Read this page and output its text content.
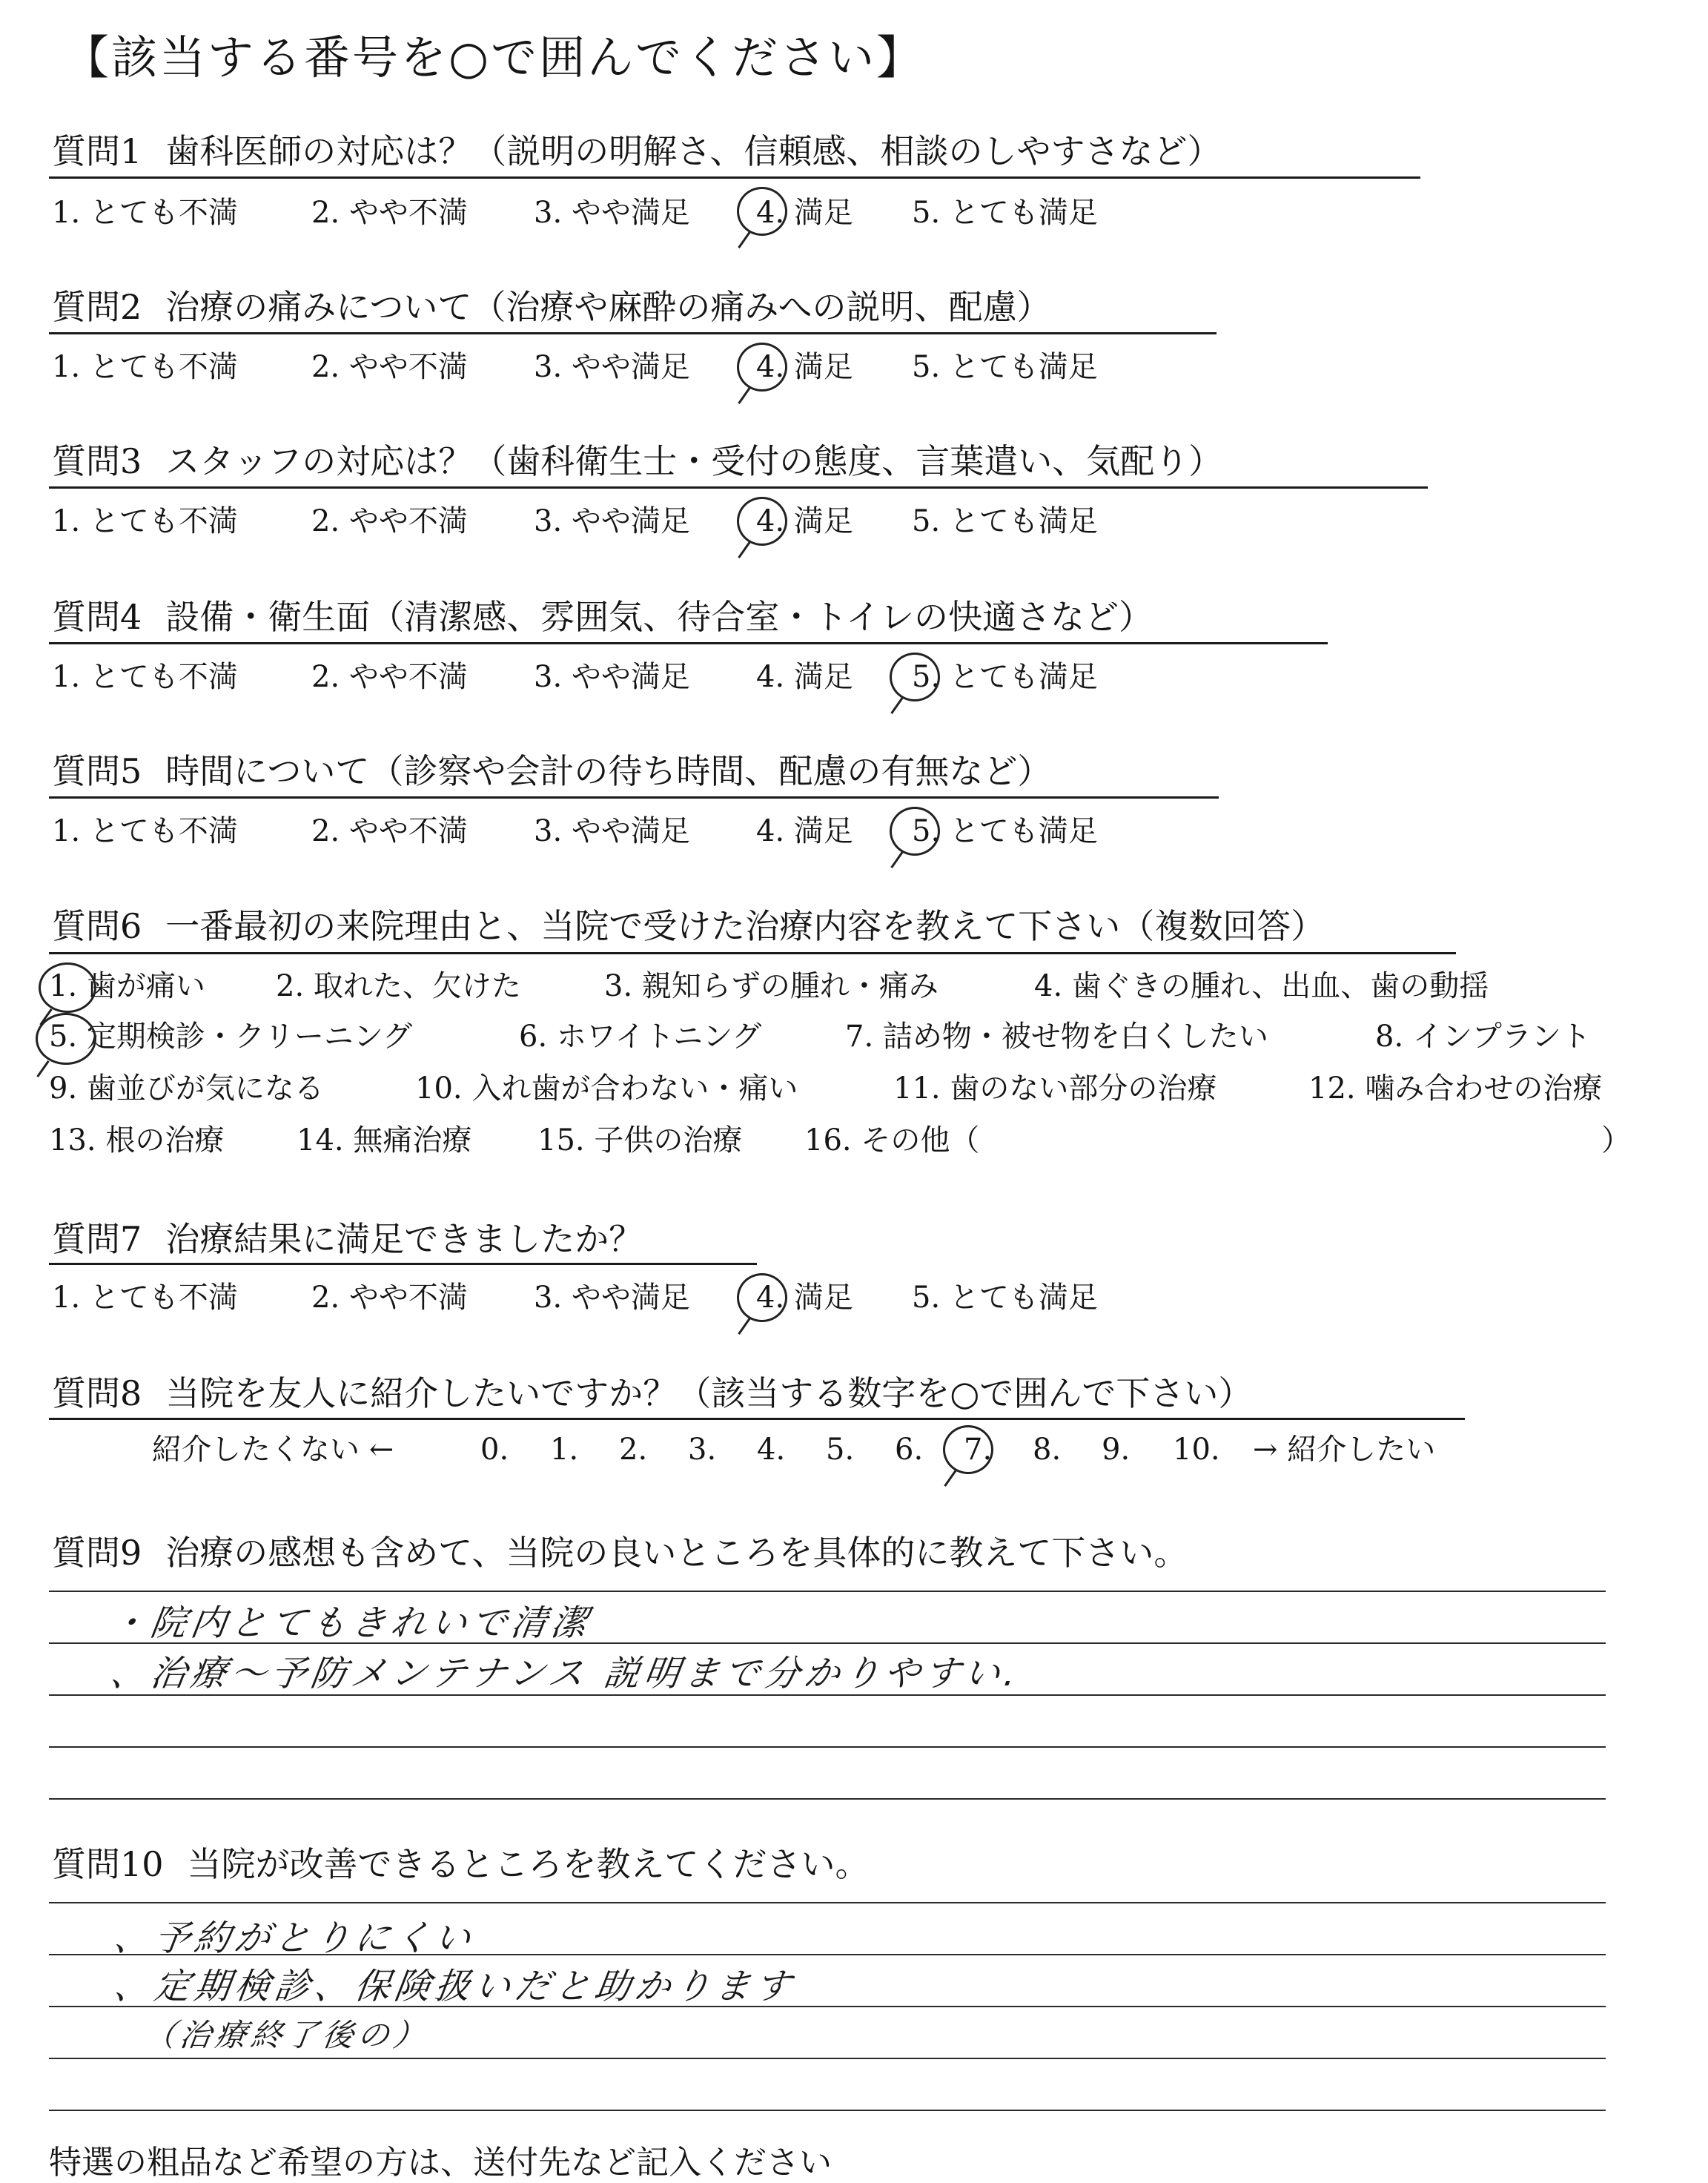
【該当する番号を○で囲んでください】
質問1 歯科医師の対応は？（説明の明解さ、信頼感、相談のしやすさなど）
1. とても不満 2. やや不満 3. やや満足 4. 満足 5. とても満足
質問2 治療の痛みについて（治療や麻酔の痛みへの説明、配慮）
1. とても不満 2. やや不満 3. やや満足 4. 満足 5. とても満足
質問3 スタッフの対応は？（歯科衛生士・受付の態度、言葉遣い、気配り）
1. とても不満 2. やや不満 3. やや満足 4. 満足 5. とても満足
質問4 設備・衛生面（清潔感、雰囲気、待合室・トイレの快適さなど）
1. とても不満 2. やや不満 3. やや満足 4. 満足 5. とても満足
質問5 時間について（診察や会計の待ち時間、配慮の有無など）
1. とても不満 2. やや不満 3. やや満足 4. 満足 5. とても満足
質問6 一番最初の来院理由と、当院で受けた治療内容を教えて下さい（複数回答）
1. 歯が痛い 2. 取れた、欠けた	3. 親知らずの腫れ・痛み	4. 歯ぐきの腫れ、出血、歯の動揺
5. 定期検診・クリーニング	6. ホワイトニング	7. 詰め物・被せ物を白くしたい	8. インプラント
9. 歯並びが気になる	10. 入れ歯が合わない・痛い	11. 歯のない部分の治療	12. 噛み合わせの治療
13. 根の治療 14. 無痛治療 15. 子供の治療 16. その他（	）
質問7 治療結果に満足できましたか？
1. とても不満 2. やや不満 3. やや満足 4. 満足 5. とても満足
質問8 当院を友人に紹介したいですか？（該当する数字を○で囲んで下さい）
紹介したくない ←	0. 1. 2. 3. 4. 5. 6. 7. 8. 9. 10. → 紹介したい
質問9 治療の感想も含めて、当院の良いところを具体的に教えて下さい。
・院内とてもきれいで清潔
、治療～予防メンテナンス 説明まで分かりやすい.
質問10 当院が改善できるところを教えてください。
、予約がとりにくい
、定期検診、保険扱いだと助かります
（治療終了後の）
特選の粗品など希望の方は、送付先など記入ください
